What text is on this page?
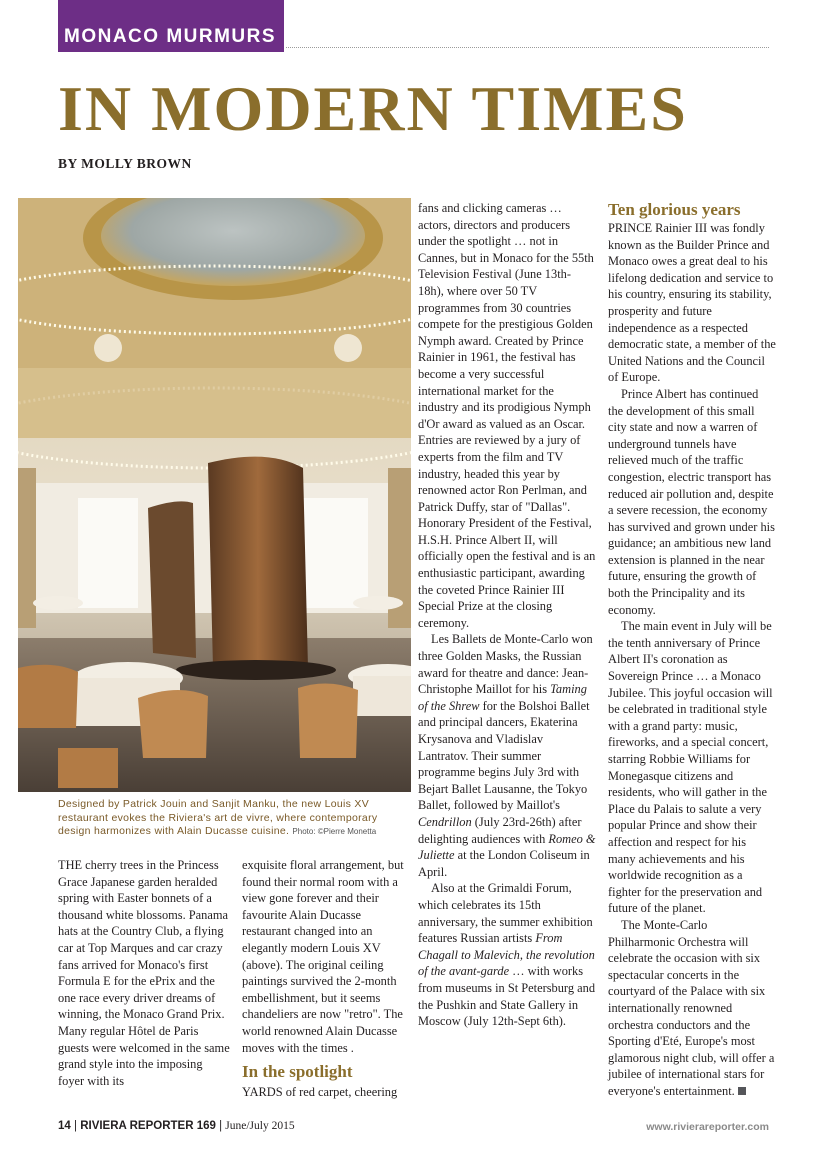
MONACO MURMURS
IN MODERN TIMES
BY MOLLY BROWN
Designed by Patrick Jouin and Sanjit Manku, the new Louis XV restaurant evokes the Riviera's art de vivre, where contemporary design harmonizes with Alain Ducasse cuisine. Photo: ©Pierre Monetta

THE cherry trees in the Princess Grace Japanese garden heralded spring with Easter bonnets of a thousand white blossoms. Panama hats at the Country Club, a flying car at Top Marques and car crazy fans arrived for Monaco's first Formula E for the ePrix and the one race every driver dreams of winning, the Monaco Grand Prix. Many regular Hôtel de Paris guests were welcomed in the same grand style into the imposing foyer with its

exquisite floral arrangement, but found their normal room with a view gone forever and their favourite Alain Ducasse restaurant changed into an elegantly modern Louis XV (above). The original ceiling paintings survived the 2-month embellishment, but it seems chandeliers are now "retro". The world renowned Alain Ducasse moves with the times .

In the spotlight

YARDS of red carpet, cheering

fans and clicking cameras … actors, directors and producers under the spotlight … not in Cannes, but in Monaco for the 55th Television Festival (June 13th-18h), where over 50 TV programmes from 30 countries compete for the prestigious Golden Nymph award. Created by Prince Rainier in 1961, the festival has become a very successful international market for the industry and its prodigious Nymph d'Or award as valued as an Oscar. Entries are reviewed by a jury of experts from the film and TV industry, headed this year by renowned actor Ron Perlman, and Patrick Duffy, star of "Dallas". Honorary President of the Festival, H.S.H. Prince Albert II, will officially open the festival and is an enthusiastic participant, awarding the coveted Prince Rainier III Special Prize at the closing ceremony.

Les Ballets de Monte-Carlo won three Golden Masks, the Russian award for theatre and dance: Jean-Christophe Maillot for his Taming of the Shrew for the Bolshoi Ballet and principal dancers, Ekaterina Krysanova and Vladislav Lantratov. Their summer programme begins July 3rd with Bejart Ballet Lausanne, the Tokyo Ballet, followed by Maillot's Cendrillon (July 23rd-26th) after delighting audiences with Romeo & Juliette at the London Coliseum in April.

Also at the Grimaldi Forum, which celebrates its 15th anniversary, the summer exhibition features Russian artists From Chagall to Malevich, the revolution of the avant-garde … with works from museums in St Petersburg and the Pushkin and State Gallery in Moscow (July 12th-Sept 6th).

Ten glorious years

PRINCE Rainier III was fondly known as the Builder Prince and Monaco owes a great deal to his lifelong dedication and service to his country, ensuring its stability, prosperity and future independence as a respected democratic state, a member of the United Nations and the Council of Europe.

Prince Albert has continued the development of this small city state and now a warren of underground tunnels have relieved much of the traffic congestion, electric transport has reduced air pollution and, despite a severe recession, the economy has survived and grown under his guidance; an ambitious new land extension is planned in the near future, ensuring the growth of both the Principality and its economy.

The main event in July will be the tenth anniversary of Prince Albert II's coronation as Sovereign Prince … a Monaco Jubilee. This joyful occasion will be celebrated in traditional style with a grand party: music, fireworks, and a special concert, starring Robbie Williams for Monegasque citizens and residents, who will gather in the Place du Palais to salute a very popular Prince and show their affection and respect for his many achievements and his worldwide recognition as a fighter for the preservation and future of the planet.

The Monte-Carlo Philharmonic Orchestra will celebrate the occasion with six spectacular concerts in the courtyard of the Palace with six internationally renowned orchestra conductors and the Sporting d'Eté, Europe's most glamorous night club, will offer a jubilee of international stars for everyone's entertainment.

14 | RIVIERA REPORTER 169 | June/July 2015	www.rivierareporter.com
